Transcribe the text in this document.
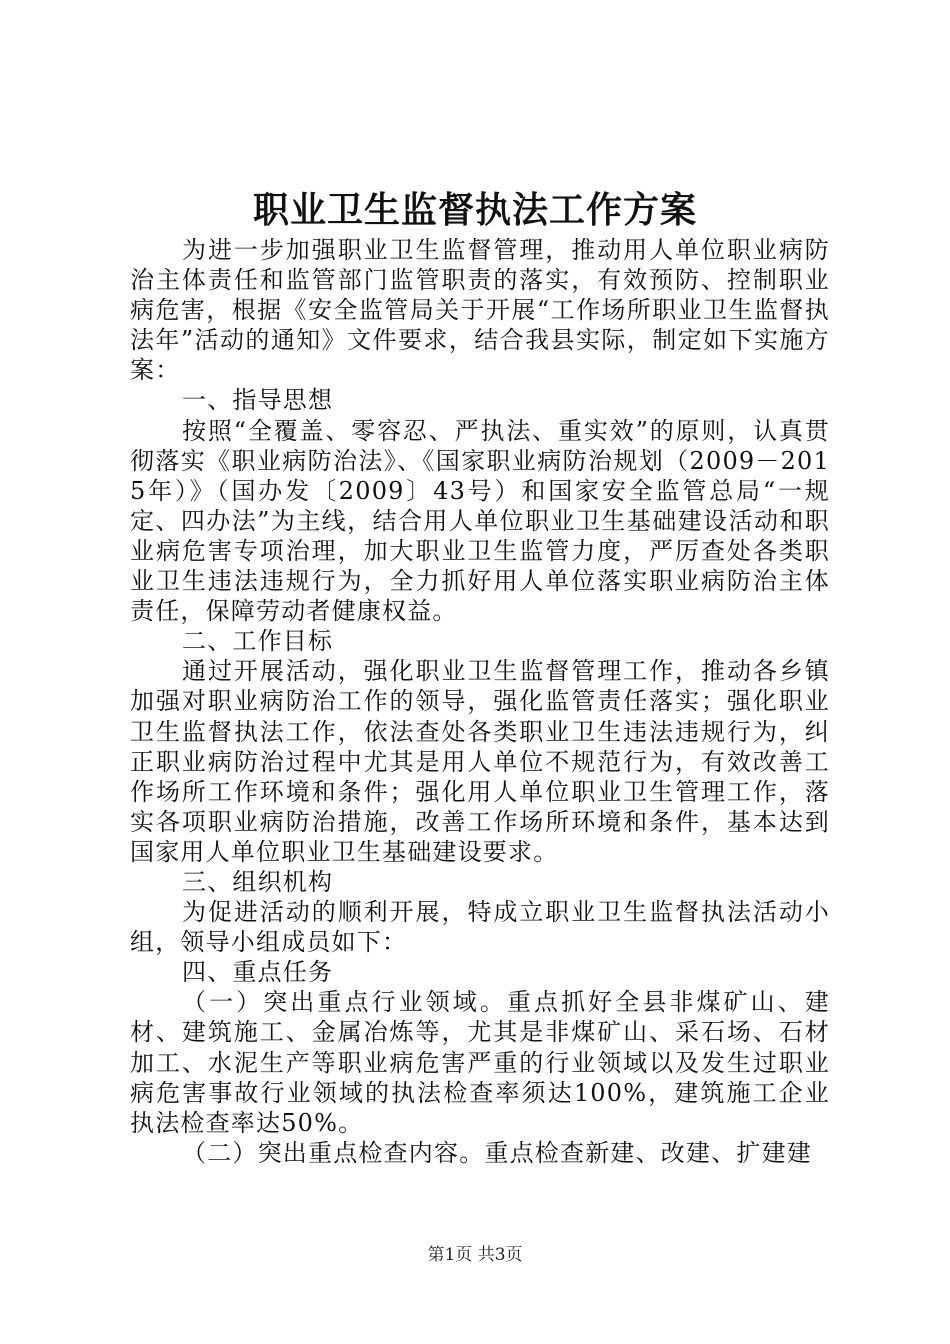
职业卫生监督执法工作方案

为进一步加强职业卫生监督管理，推动用人单位职业病防治主体责任和监管部门监管职责的落实，有效预防、控制职业病危害，根据《安全监管局关于开展“工作场所职业卫生监督执法年”活动的通知》文件要求，结合我县实际，制定如下实施方案：

一、指导思想

按照“全覆盖、零容忍、严执法、重实效”的原则，认真贯彻落实《职业病防治法》、《国家职业病防治规划（2009－2015年）》（国办发〔2009〕43号）和国家安全监管总局“一规定、四办法”为主线，结合用人单位职业卫生基础建设活动和职业病危害专项治理，加大职业卫生监管力度，严厉查处各类职业卫生违法违规行为，全力抓好用人单位落实职业病防治主体责任，保障劳动者健康权益。

二、工作目标

通过开展活动，强化职业卫生监督管理工作，推动各乡镇加强对职业病防治工作的领导，强化监管责任落实；强化职业卫生监督执法工作，依法查处各类职业卫生违法违规行为，纠正职业病防治过程中尤其是用人单位不规范行为，有效改善工作场所工作环境和条件；强化用人单位职业卫生管理工作，落实各项职业病防治措施，改善工作场所环境和条件，基本达到国家用人单位职业卫生基础建设要求。

三、组织机构

为促进活动的顺利开展，特成立职业卫生监督执法活动小组，领导小组成员如下：

四、重点任务

（一）突出重点行业领域。重点抓好全县非煤矿山、建材、建筑施工、金属冶炼等，尤其是非煤矿山、采石场、石材加工、水泥生产等职业病危害严重的行业领域以及发生过职业病危害事故行业领域的执法检查率须达100%，建筑施工企业执法检查率达50%。

（二）突出重点检查内容。重点检查新建、改建、扩建建

第1页 共3页
